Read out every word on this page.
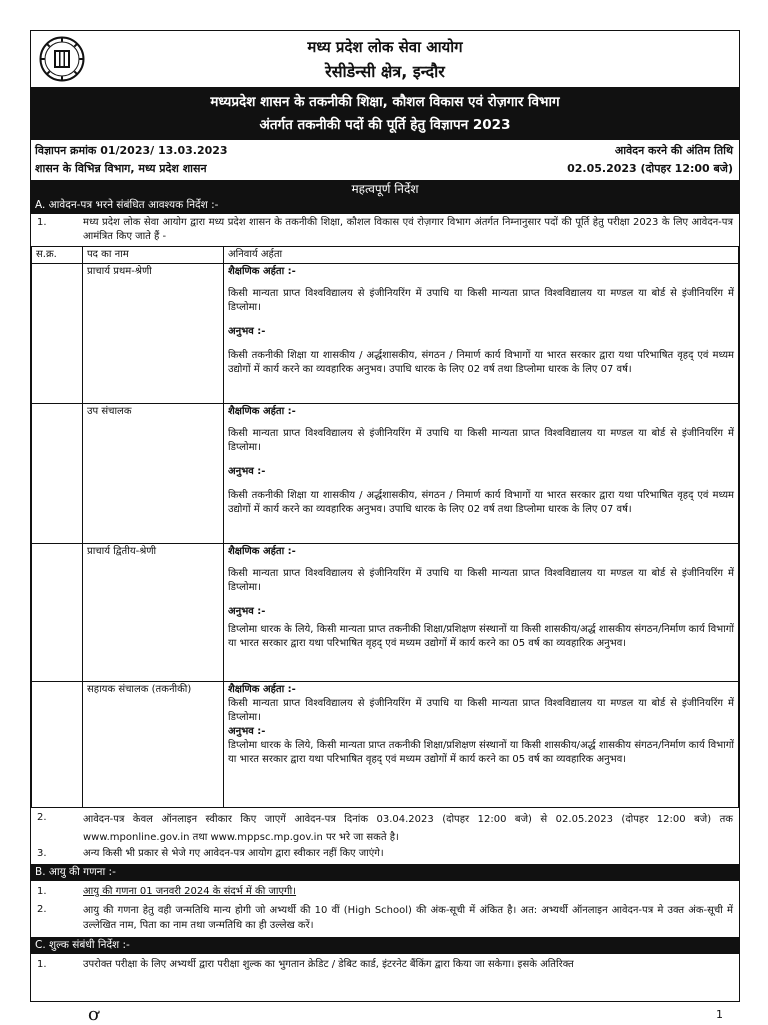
मध्य प्रदेश लोक सेवा आयोग
रेसीडेन्सी क्षेत्र, इन्दौर
मध्यप्रदेश शासन के तकनीकी शिक्षा, कौशल विकास एवं रोज़गार विभाग
अंतर्गत तकनीकी पदों की पूर्ति हेतु विज्ञापन 2023
विज्ञापन क्रमांक 01/2023/ 13.03.2023
शासन के विभिन्न विभाग, मध्य प्रदेश शासन
आवेदन करने की अंतिम तिथि
02.05.2023 (दोपहर 12:00 बजे)
महत्वपूर्ण निर्देश
A. आवेदन-पत्र भरने संबंधित आवश्यक निर्देश :-
1.	मध्य प्रदेश लोक सेवा आयोग द्वारा मध्य प्रदेश शासन के तकनीकी शिक्षा, कौशल विकास एवं रोज़गार विभाग अंतर्गत निम्नानुसार पदों की पूर्ति हेतु परीक्षा 2023 के लिए आवेदन-पत्र आमंत्रित किए जाते हैं -
स.क्र.	पद का नाम	अनिवार्य अर्हता
	प्राचार्य प्रथम-श्रेणी	शैक्षणिक अर्हता :-

किसी मान्यता प्राप्त विश्वविद्यालय से इंजीनियरिंग में उपाधि या किसी मान्यता प्राप्त विश्वविद्यालय या मण्डल या बोर्ड से इंजीनियरिंग में डिप्लोमा।

अनुभव :-

किसी तकनीकी शिक्षा या शासकीय / अर्द्धशासकीय, संगठन / निमार्ण कार्य विभागों या भारत सरकार द्वारा यथा परिभाषित वृहद् एवं मध्यम उद्योगों में कार्य करने का व्यवहारिक अनुभव। उपाधि धारक के लिए 02 वर्ष तथा डिप्लोमा धारक के लिए 07 वर्ष।

	उप संचालक	शैक्षणिक अर्हता :-

किसी मान्यता प्राप्त विश्वविद्यालय से इंजीनियरिंग में उपाधि या किसी मान्यता प्राप्त विश्वविद्यालय या मण्डल या बोर्ड से इंजीनियरिंग में डिप्लोमा।

अनुभव :-

किसी तकनीकी शिक्षा या शासकीय / अर्द्धशासकीय, संगठन / निमार्ण कार्य विभागों या भारत सरकार द्वारा यथा परिभाषित वृहद् एवं मध्यम उद्योगों में कार्य करने का व्यवहारिक अनुभव। उपाधि धारक के लिए 02 वर्ष तथा डिप्लोमा धारक के लिए 07 वर्ष।

	प्राचार्य द्वितीय-श्रेणी	शैक्षणिक अर्हता :-

किसी मान्यता प्राप्त विश्वविद्यालय से इंजीनियरिंग में उपाधि या किसी मान्यता प्राप्त विश्वविद्यालय या मण्डल या बोर्ड से इंजीनियरिंग में डिप्लोमा।

अनुभव :-

डिप्लोमा धारक के लिये, किसी मान्यता प्राप्त तकनीकी शिक्षा/प्रशिक्षण संस्थानों या किसी शासकीय/अर्द्ध शासकीय संगठन/निर्माण कार्य विभागों या भारत सरकार द्वारा यथा परिभाषित वृहद् एवं मध्यम उद्योगों में कार्य करने का 05 वर्ष का व्यवहारिक अनुभव।

	सहायक संचालक (तकनीकी)	शैक्षणिक अर्हता :-

किसी मान्यता प्राप्त विश्वविद्यालय से इंजीनियरिंग में उपाधि या किसी मान्यता प्राप्त विश्वविद्यालय या मण्डल या बोर्ड से इंजीनियरिंग में डिप्लोमा।

अनुभव :-

डिप्लोमा धारक के लिये, किसी मान्यता प्राप्त तकनीकी शिक्षा/प्रशिक्षण संस्थानों या किसी शासकीय/अर्द्ध शासकीय संगठन/निर्माण कार्य विभागों या भारत सरकार द्वारा यथा परिभाषित वृहद् एवं मध्यम उद्योगों में कार्य करने का 05 वर्ष का व्यवहारिक अनुभव।

2.	आवेदन-पत्र केवल ऑनलाइन स्वीकार किए जाएगें आवेदन-पत्र दिनांक 03.04.2023 (दोपहर 12:00 बजे) से 02.05.2023 (दोपहर 12:00 बजे) तक www.mponline.gov.in तथा www.mppsc.mp.gov.in पर भरे जा सकते है।
3.	अन्य किसी भी प्रकार से भेजे गए आवेदन-पत्र आयोग द्वारा स्वीकार नहीं किए जाएंगे।
B. आयु की गणना :-
1.	आयु की गणना 01 जनवरी 2024 के संदर्भ में की जाएगी।
2.	आयु की गणना हेतु वही जन्मतिथि मान्य होगी जो अभ्यर्थी की 10 वीं (High School) की अंक-सूची में अंकित है। अत: अभ्यर्थी ऑनलाइन आवेदन-पत्र मे उक्त अंक-सूची में उल्लेखित नाम, पिता का नाम तथा जन्मतिथि का ही उल्लेख करें।
C. शुल्क संबंधी निर्देश :-
1.	उपरोक्त परीक्षा के लिए अभ्यर्थी द्वारा परीक्षा शुल्क का भुगतान क्रेडिट / डेबिट कार्ड, इंटरनेट बैंकिंग द्वारा किया जा सकेगा। इसके अतिरिक्त
ơ	1
